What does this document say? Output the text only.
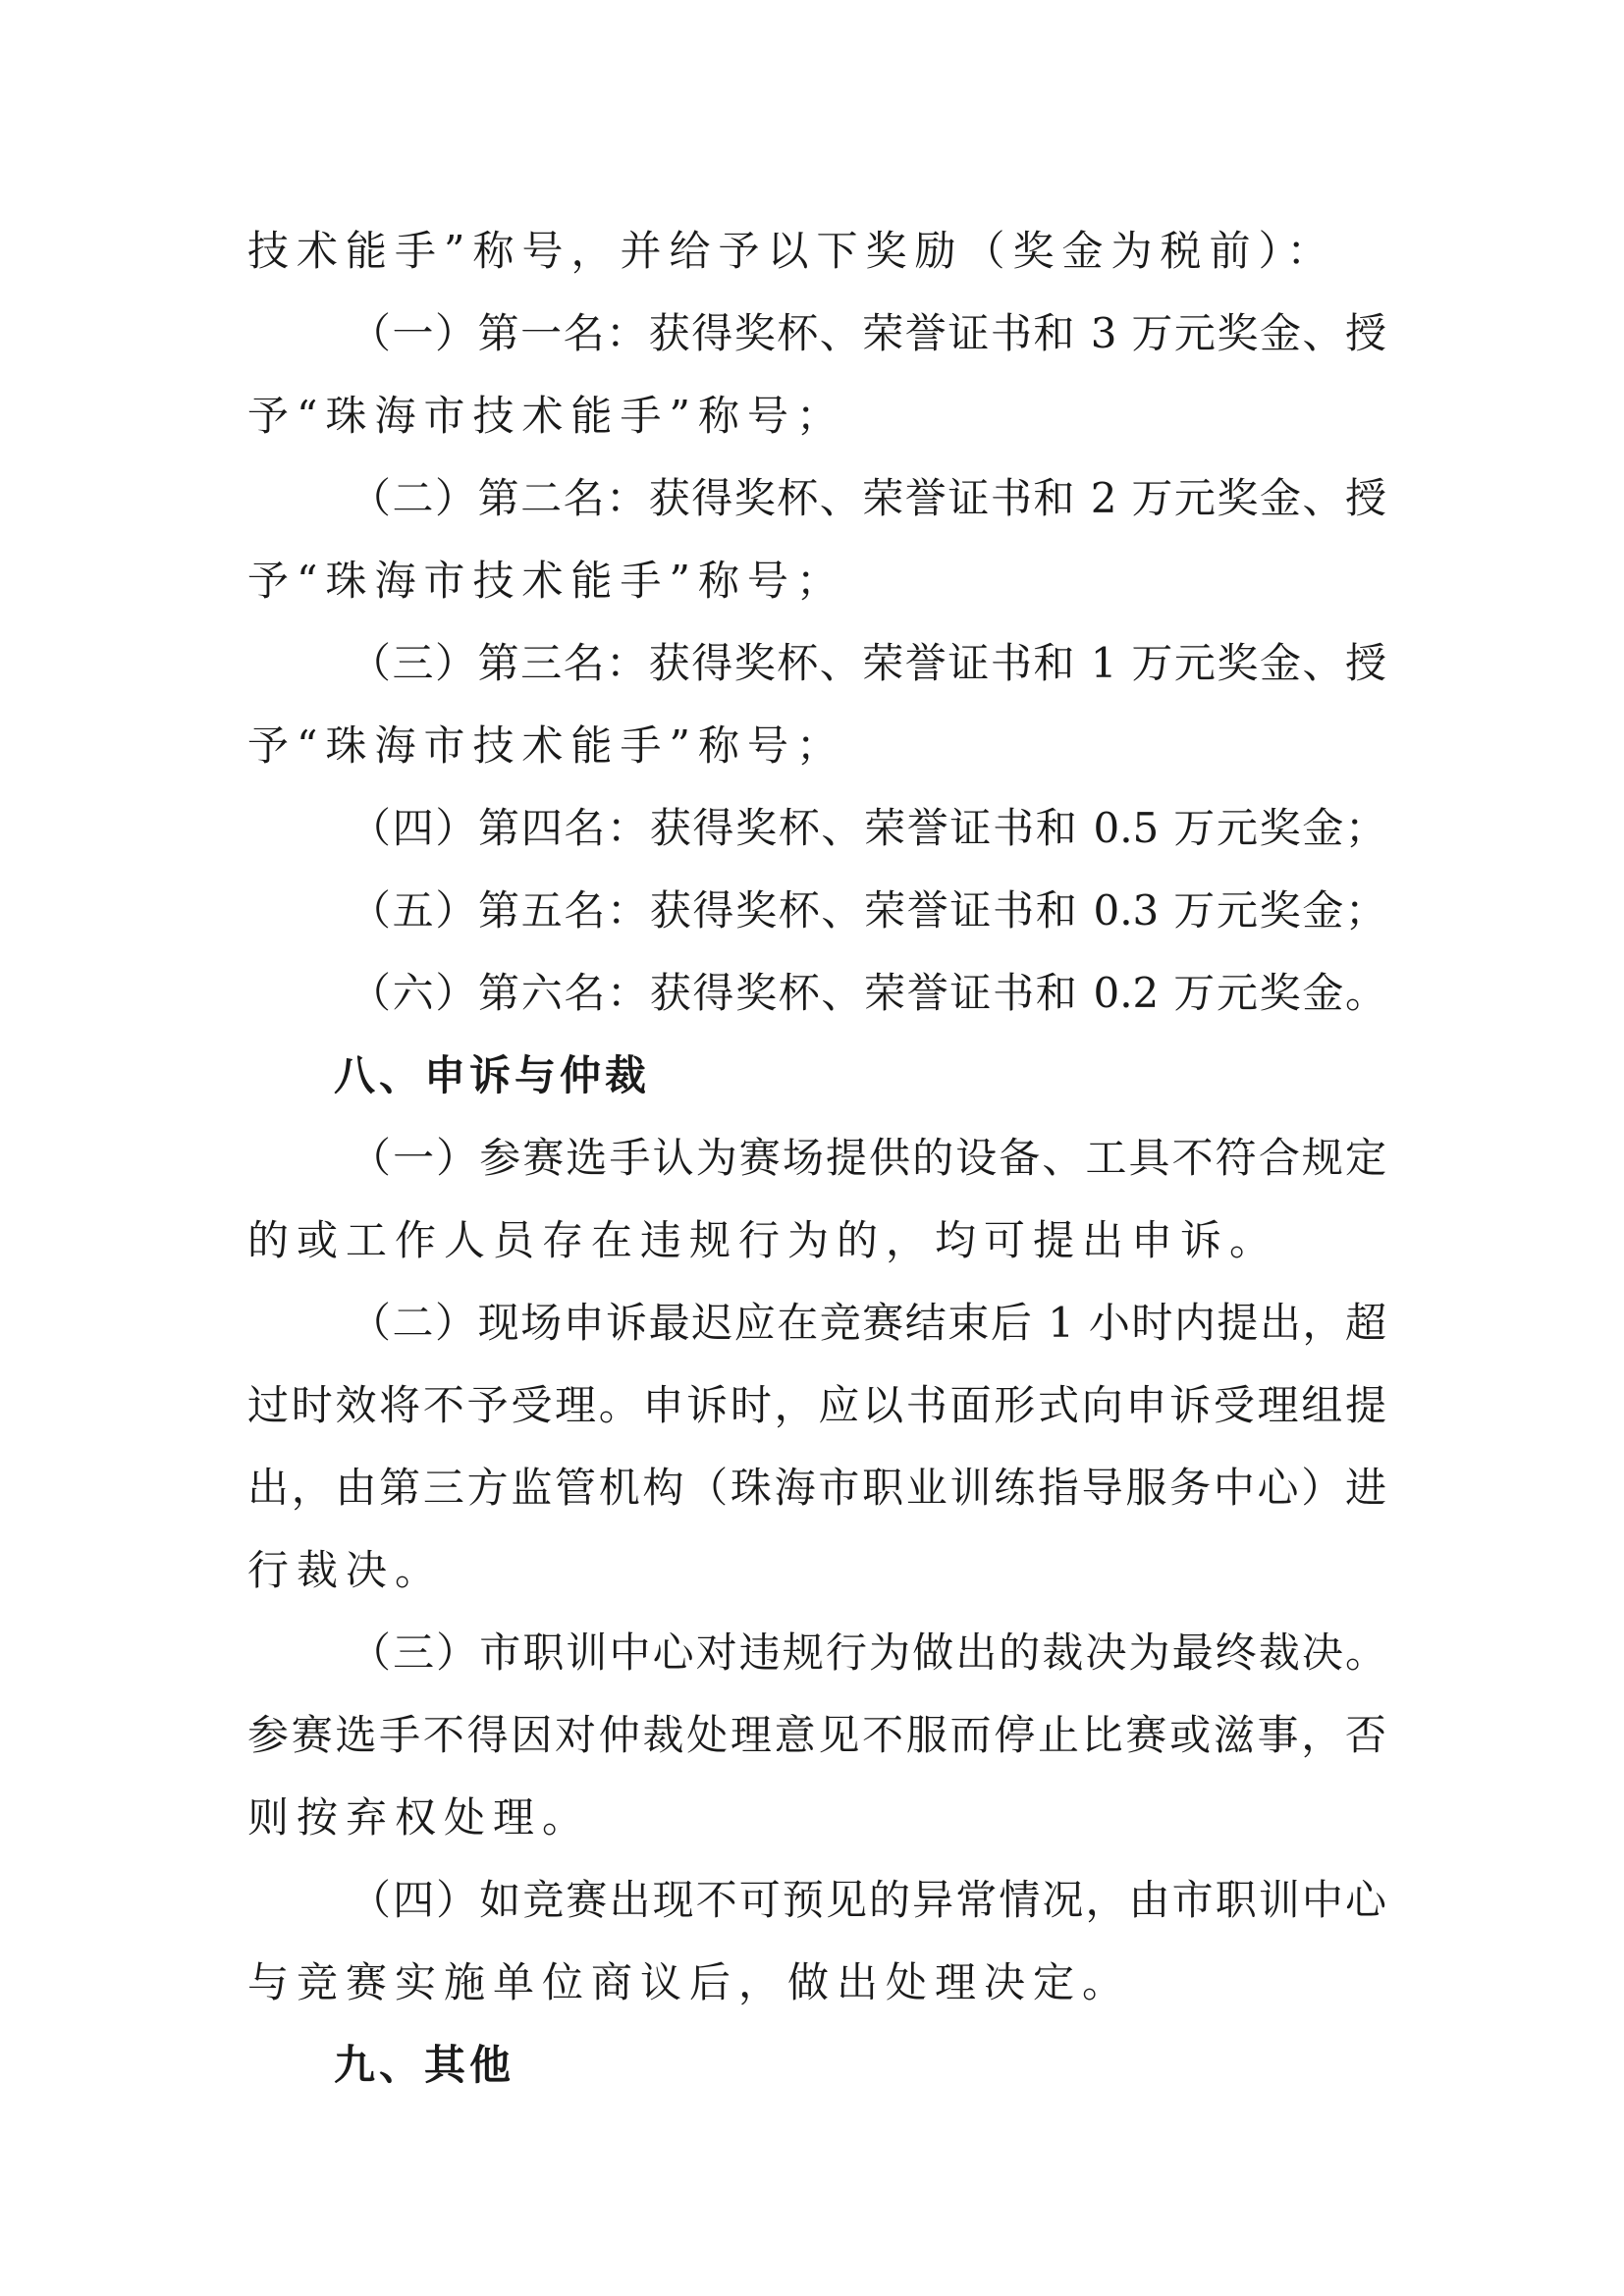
技术能手”称号，并给予以下奖励（奖金为税前）：
（一）第一名：获得奖杯、荣誉证书和 3 万元奖金、授
予“珠海市技术能手”称号；
（二）第二名：获得奖杯、荣誉证书和 2 万元奖金、授
予“珠海市技术能手”称号；
（三）第三名：获得奖杯、荣誉证书和 1 万元奖金、授
予“珠海市技术能手”称号；
（四）第四名：获得奖杯、荣誉证书和 0.5 万元奖金；
（五）第五名：获得奖杯、荣誉证书和 0.3 万元奖金；
（六）第六名：获得奖杯、荣誉证书和 0.2 万元奖金。
八、申诉与仲裁
（一）参赛选手认为赛场提供的设备、工具不符合规定
的或工作人员存在违规行为的，均可提出申诉。
（二）现场申诉最迟应在竞赛结束后 1 小时内提出，超
过时效将不予受理。申诉时，应以书面形式向申诉受理组提
出，由第三方监管机构（珠海市职业训练指导服务中心）进
行裁决。
（三）市职训中心对违规行为做出的裁决为最终裁决。
参赛选手不得因对仲裁处理意见不服而停止比赛或滋事，否
则按弃权处理。
（四）如竞赛出现不可预见的异常情况，由市职训中心
与竞赛实施单位商议后，做出处理决定。
九、其他
